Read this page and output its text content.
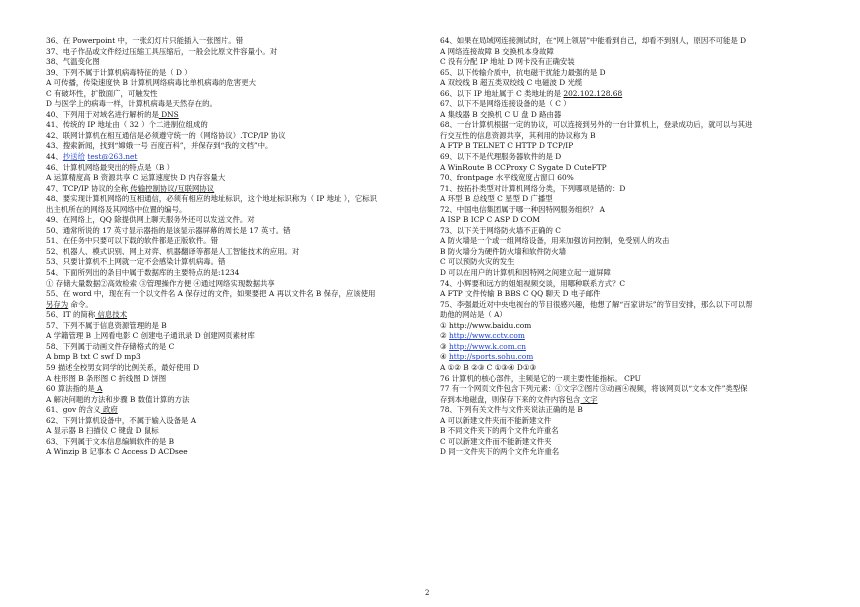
36、在 Powerpoint 中，一张幻灯片只能插入一张图片。错
37、电子作品或文件经过压缩工具压缩后，一般会比原文件容量小。对
38、气温变化图
39、下列不属于计算机病毒特征的是（ D ）
A 可传播，传染速度快 B 计算机网络病毒比单机病毒的危害更大
C 有破坏性，扩散面广，可触发性
D 与医学上的病毒一样，计算机病毒是天然存在的。
40、下列用于对域名进行解析的是 DNS
41、传统的 IP 地址由（ 32 ）个二进制位组成的
42、联网计算机在相互通信是必须遵守统一的（网络协议）.TCP/IP 协议
43、搜索新闻，找到“嫦娥一号 百度百科”，并保存到“我的文档”中。
44、抄送给 test@263.net
46、计算机网络最突出的特点是（B ）
A 运算精度高 B 资源共享 C 运算速度快 D 内存容量大
47、TCP/IP 协议的全称 传输控制协议/互联网协议
48、要实现计算机网络的互相通信，必须有相应的地址标识，这个地址标识称为（ IP 地址 ），它标识
出主机所在的网络及其网络中位置的编号。
49、在网络上，QQ 除提供网上聊天服务外还可以发送文件。对
50、通常所说的 17 英寸显示器指的是该显示器屏幕的周长是 17 英寸。错
51、在任务中只要可以下载的软件都是正版软件。错
52、机器人、模式识别、网上对弈、机器翻译等都是人工智能技术的应用。对
53、只要计算机不上网就一定不会感染计算机病毒。错
54、下面所列出的条目中属于数据库的主要特点的是:1234
① 存储大量数据②高效检索 ③管理操作方便 ④通过网络实现数据共享
55、在 word 中，现在有一个以文件名 A 保存过的文件，如果要把 A 再以文件名 B 保存，应该使用
另存为 命令。
56、IT 的简称 信息技术
57、下列不属于信息资源管理的是 B
A 学籍管理 B 上网看电影 C 创建电子通讯录 D 创建网页素材库
58、下列属于动画文件存储格式的是 C
A bmp B txt C swf D mp3
59 描述全校男女同学的比例关系，最好使用 D
A 柱形图 B 条形图 C 折线图 D 饼图
60 算法指的是 A
A 解决问题的方法和步骤 B 数值计算的方法
61、gov 的含义 政府
62、下列计算机设备中，不属于输入设备是 A
A 显示器 B 扫描仪 C 键盘 D 鼠标
63、下列属于文本信息编辑软件的是 B
A Winzip B 记事本 C Access D ACDsee
64、如果在局域网连接测试时，在“网上领居”中能看到自己，却看不到别人，原因不可能是 D
A 网络连接故障 B 交换机本身故障
C 没有分配 IP 地址 D 网卡没有正确安装
65、以下传输介质中，抗电磁干扰能力最强的是 D
A 双绞线 B 超五类双绞线 C 电磁波 D 光缆
66、以下 IP 地址属于 C 类地址的是 202.102.128.68
67、以下不是网络连接设备的是（ C ）
A 集线器 B 交换机 C U 盘 D 路由器
68、一台计算机根据一定的协议，可以连接到另外的一台计算机上，登录成功后，就可以与其进
行交互性的信息资源共享，其利用的协议称为 B
A FTP B TELNET C HTTP D TCP/IP
69、以下不是代理服务器软件的是 D
A WinRoute B CCProxy C Sygate D CuteFTP
70、frontpage 水平线宽度占窗口 60%
71、按拓扑类型对计算机网络分类，下列哪项是错的：D
A 环型 B 总线型 C 星型 D 广播型
72、中国电信集团属于哪一种因特网服务组织？ A
A ISP B ICP C ASP D COM
73、以下关于网络防火墙不正确的 C
A 防火墙是一个或一组网络设备，用来加强访问控制，免受别人的攻击
B 防火墙分为硬件防火墙和软件防火墙
C 可以预防火灾的发生
D 可以在用户的计算机和因特网之间建立起一道屏障
74、小辉要和远方的姐姐视频交谈，用哪种联系方式？C
A FTP 文件传输 B BBS C QQ 聊天 D 电子邮件
75、李强最近对中央电视台的节目很感兴趣，他想了解“百家讲坛”的节目安排，那么以下可以帮
助他的网站是（ A）
① http://www.baidu.com
② http://www.cctv.com
③ http://www.k.com.cn
④ http://sports.sohu.com
A ①② B ②③ C ①③④ D①③
76 计算机的核心部件，主频是它的一项主要性能指标。 CPU
77 有一个网页文件包含下列元素：①文字②图片③动画④视频，将该网页以“文本文件”类型保
存到本地磁盘，则保存下来的文件内容包含 文字
78、下列有关文件与文件夹说法正确的是 B
A 可以新建文件夹而不能新建文件
B 不同文件夹下的两个文件允许重名
C 可以新建文件而不能新建文件夹
D 同一文件夹下的两个文件允许重名
2
